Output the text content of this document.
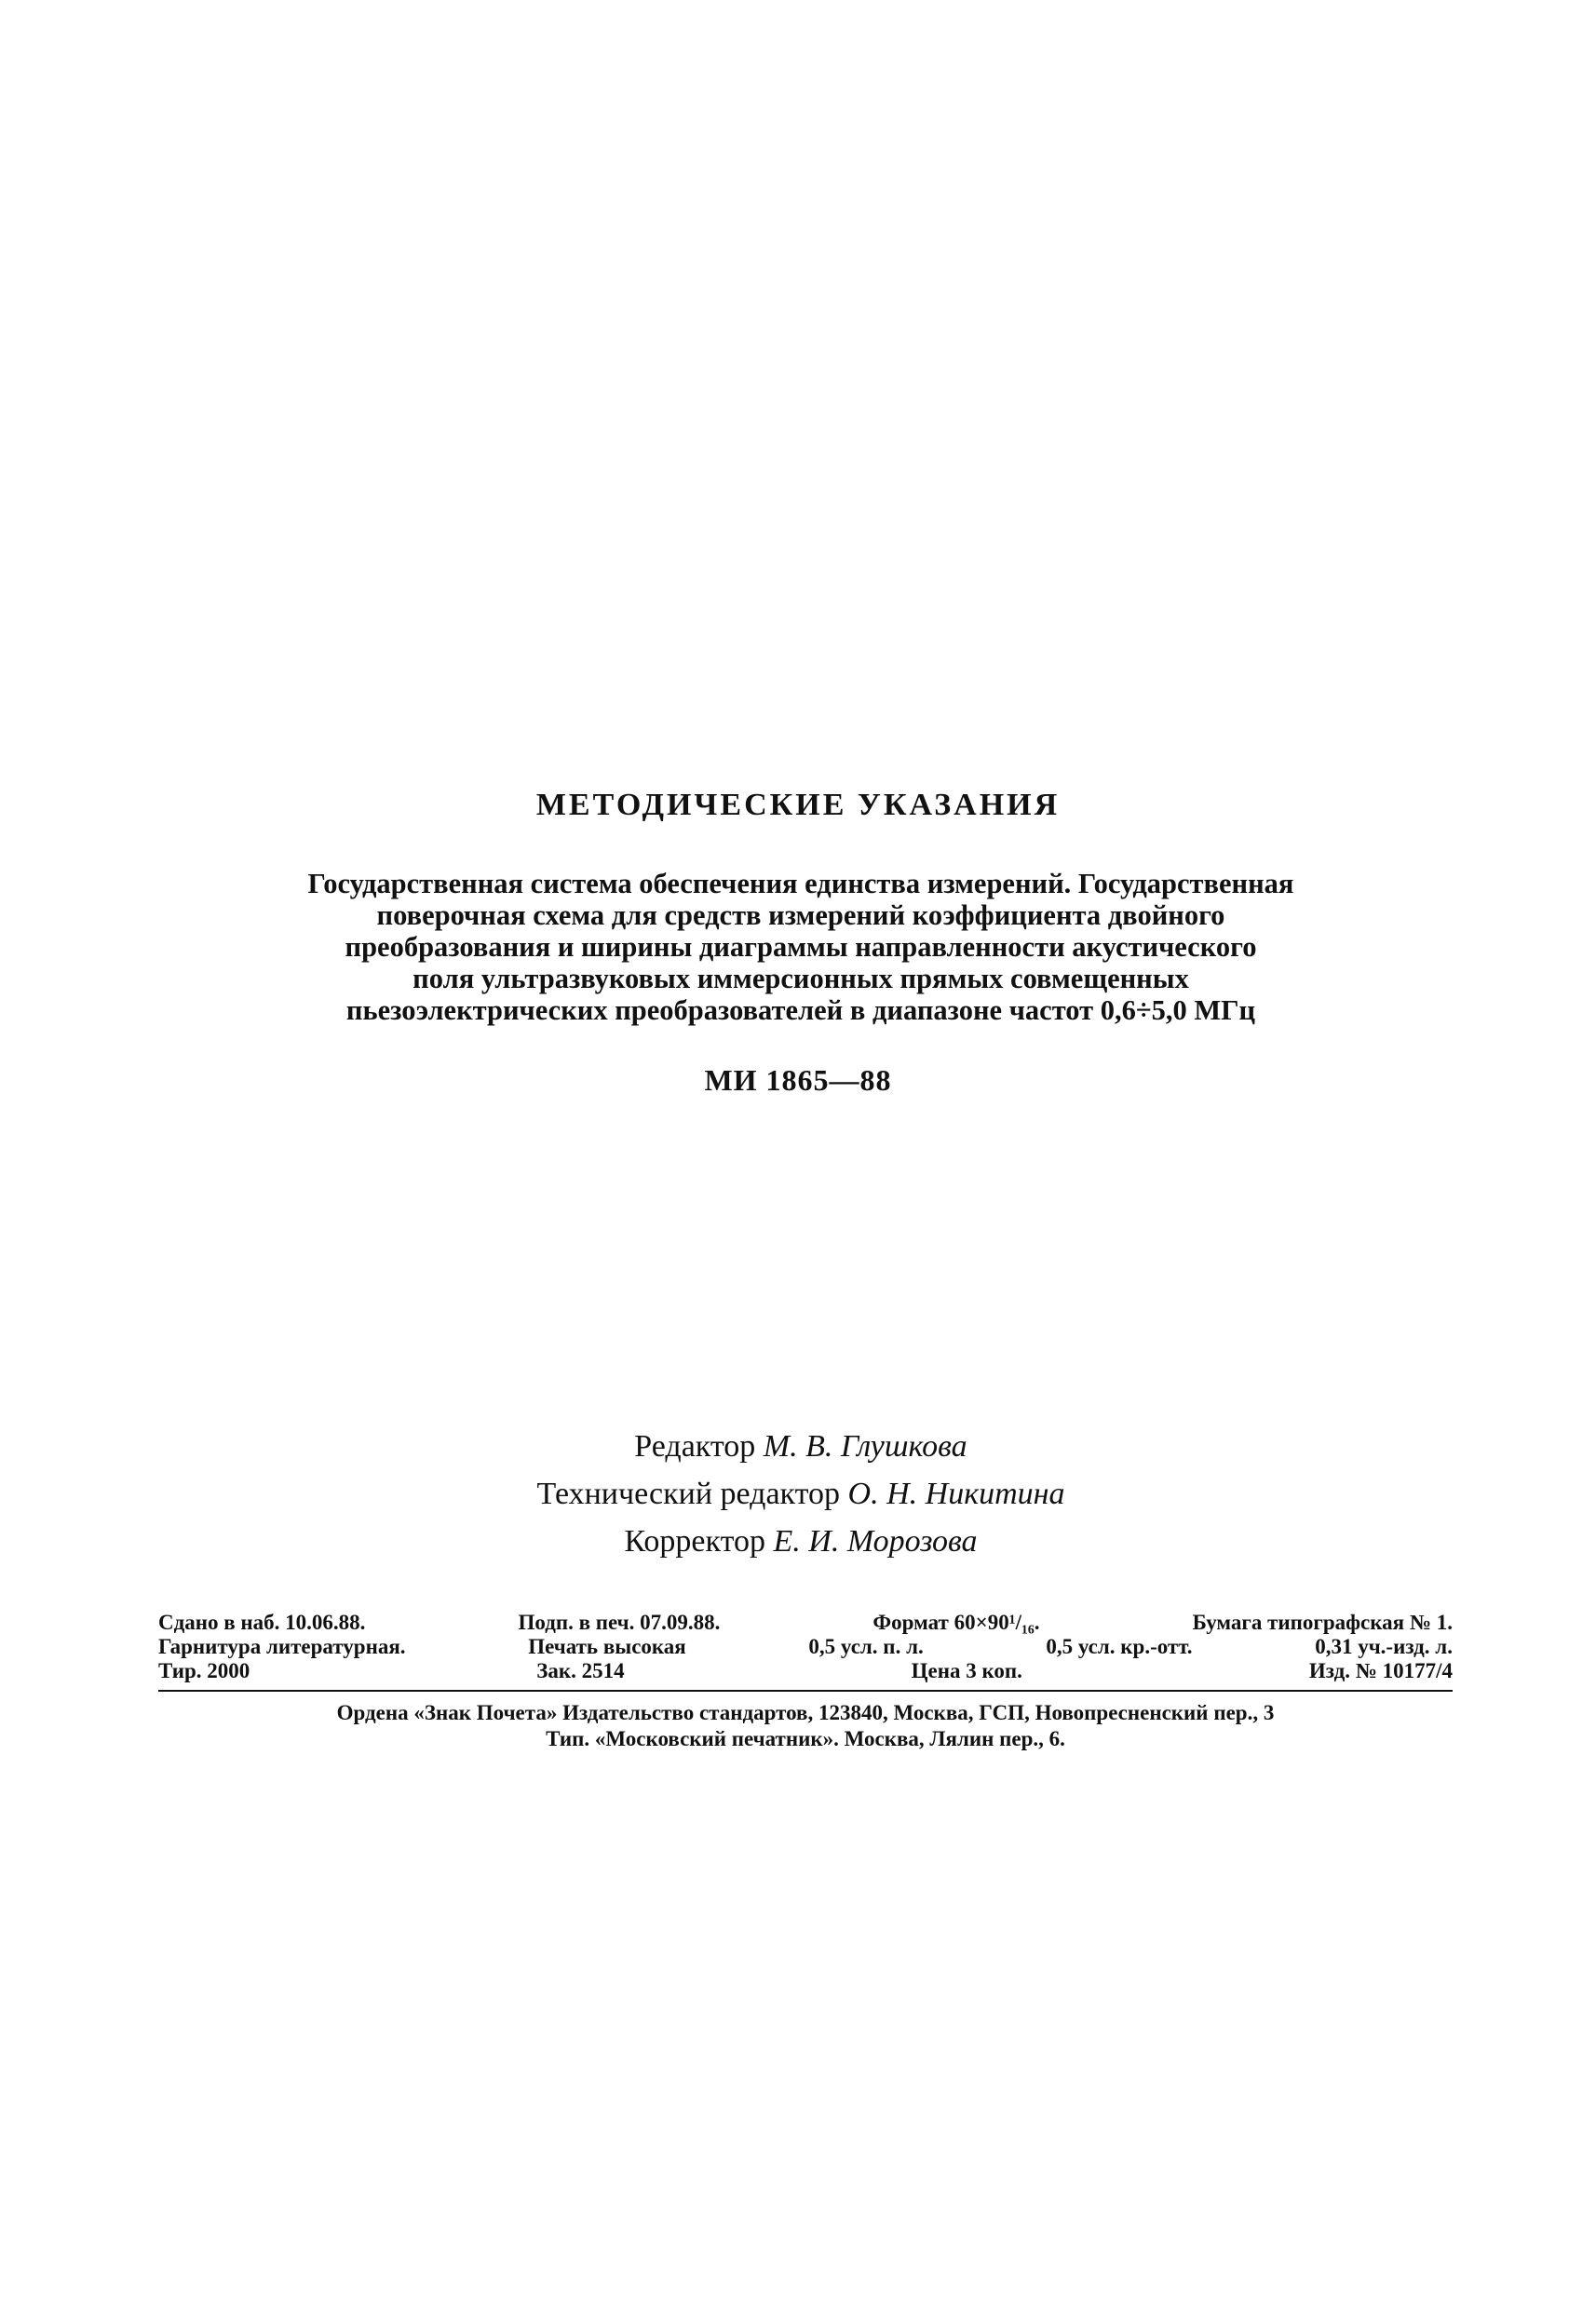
МЕТОДИЧЕСКИЕ УКАЗАНИЯ
Государственная система обеспечения единства измерений. Государственная
поверочная схема для средств измерений коэффициента двойного
преобразования и ширины диаграммы направленности акустического
поля ультразвуковых иммерсионных прямых совмещенных
пьезоэлектрических преобразователей в диапазоне частот 0,6÷5,0 МГц
МИ 1865—88
Редактор М. В. Глушкова
Технический редактор О. Н. Никитина
Корректор Е. И. Морозова
Сдано в наб. 10.06.88.	Подп. в печ. 07.09.88.	Формат 60×90¹/₁₆.	Бумага типографская № 1.
Гарнитура литературная.	Печать высокая	0,5 усл. п. л.	0,5 усл. кр.-отт.	0,31 уч.-изд. л.
Тир. 2000	Зак. 2514	Цена 3 коп.	Изд. № 10177/4
Ордена «Знак Почета» Издательство стандартов, 123840, Москва, ГСП, Новопресненский пер., 3
Тип. «Московский печатник». Москва, Лялин пер., 6.
